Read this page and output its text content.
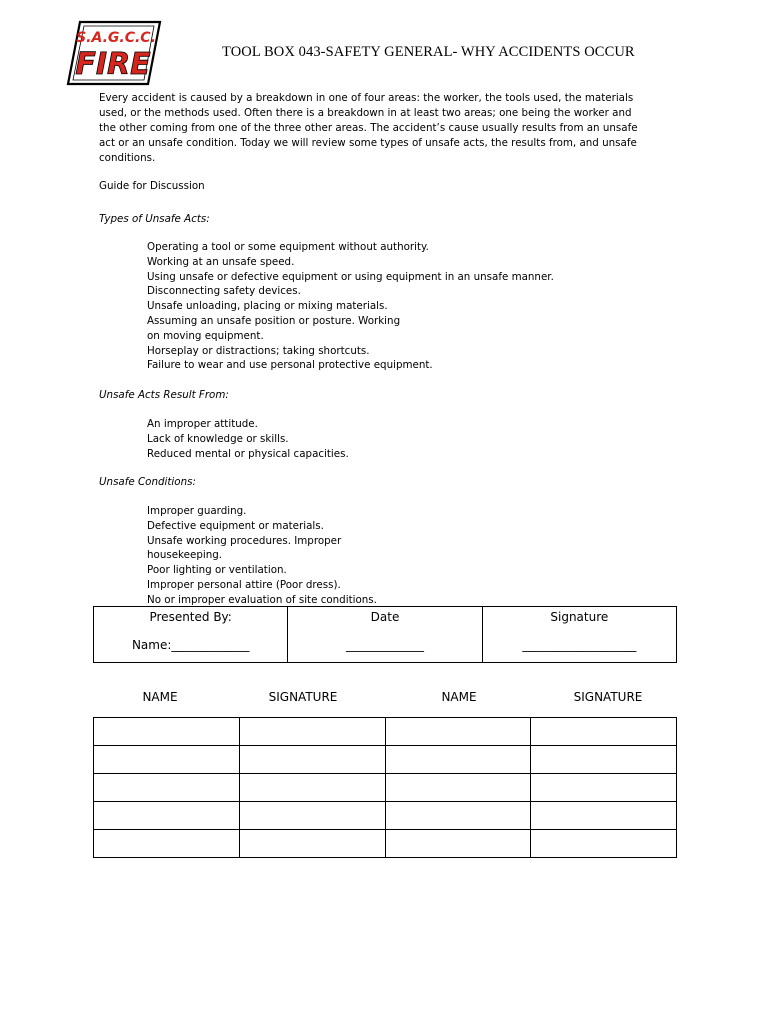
S.A.G.C.C.
FIRE	TOOL BOX 043-SAFETY GENERAL- WHY ACCIDENTS OCCUR

Every accident is caused by a breakdown in one of four areas: the worker, the tools used, the materials

used, or the methods used. Often there is a breakdown in at least two areas; one being the worker and

the other coming from one of the three other areas. The accident’s cause usually results from an unsafe

act or an unsafe condition. Today we will review some types of unsafe acts, the results from, and unsafe

conditions.

Guide for Discussion
Types of Unsafe Acts:
Operating a tool or some equipment without authority.
Working at an unsafe speed.
Using unsafe or defective equipment or using equipment in an unsafe manner.
Disconnecting safety devices.
Unsafe unloading, placing or mixing materials.
Assuming an unsafe position or posture. Working
on moving equipment.
Horseplay or distractions; taking shortcuts.
Failure to wear and use personal protective equipment.
Unsafe Acts Result From:
An improper attitude.
Lack of knowledge or skills.
Reduced mental or physical capacities.
Unsafe Conditions:
Improper guarding.
Defective equipment or materials.
Unsafe working procedures. Improper
housekeeping.
Poor lighting or ventilation.
Improper personal attire (Poor dress).
No or improper evaluation of site conditions.
Presented By:
Name:_____________

Date
_____________

Signature
___________________
NAME	SIGNATURE	NAME	SIGNATURE
